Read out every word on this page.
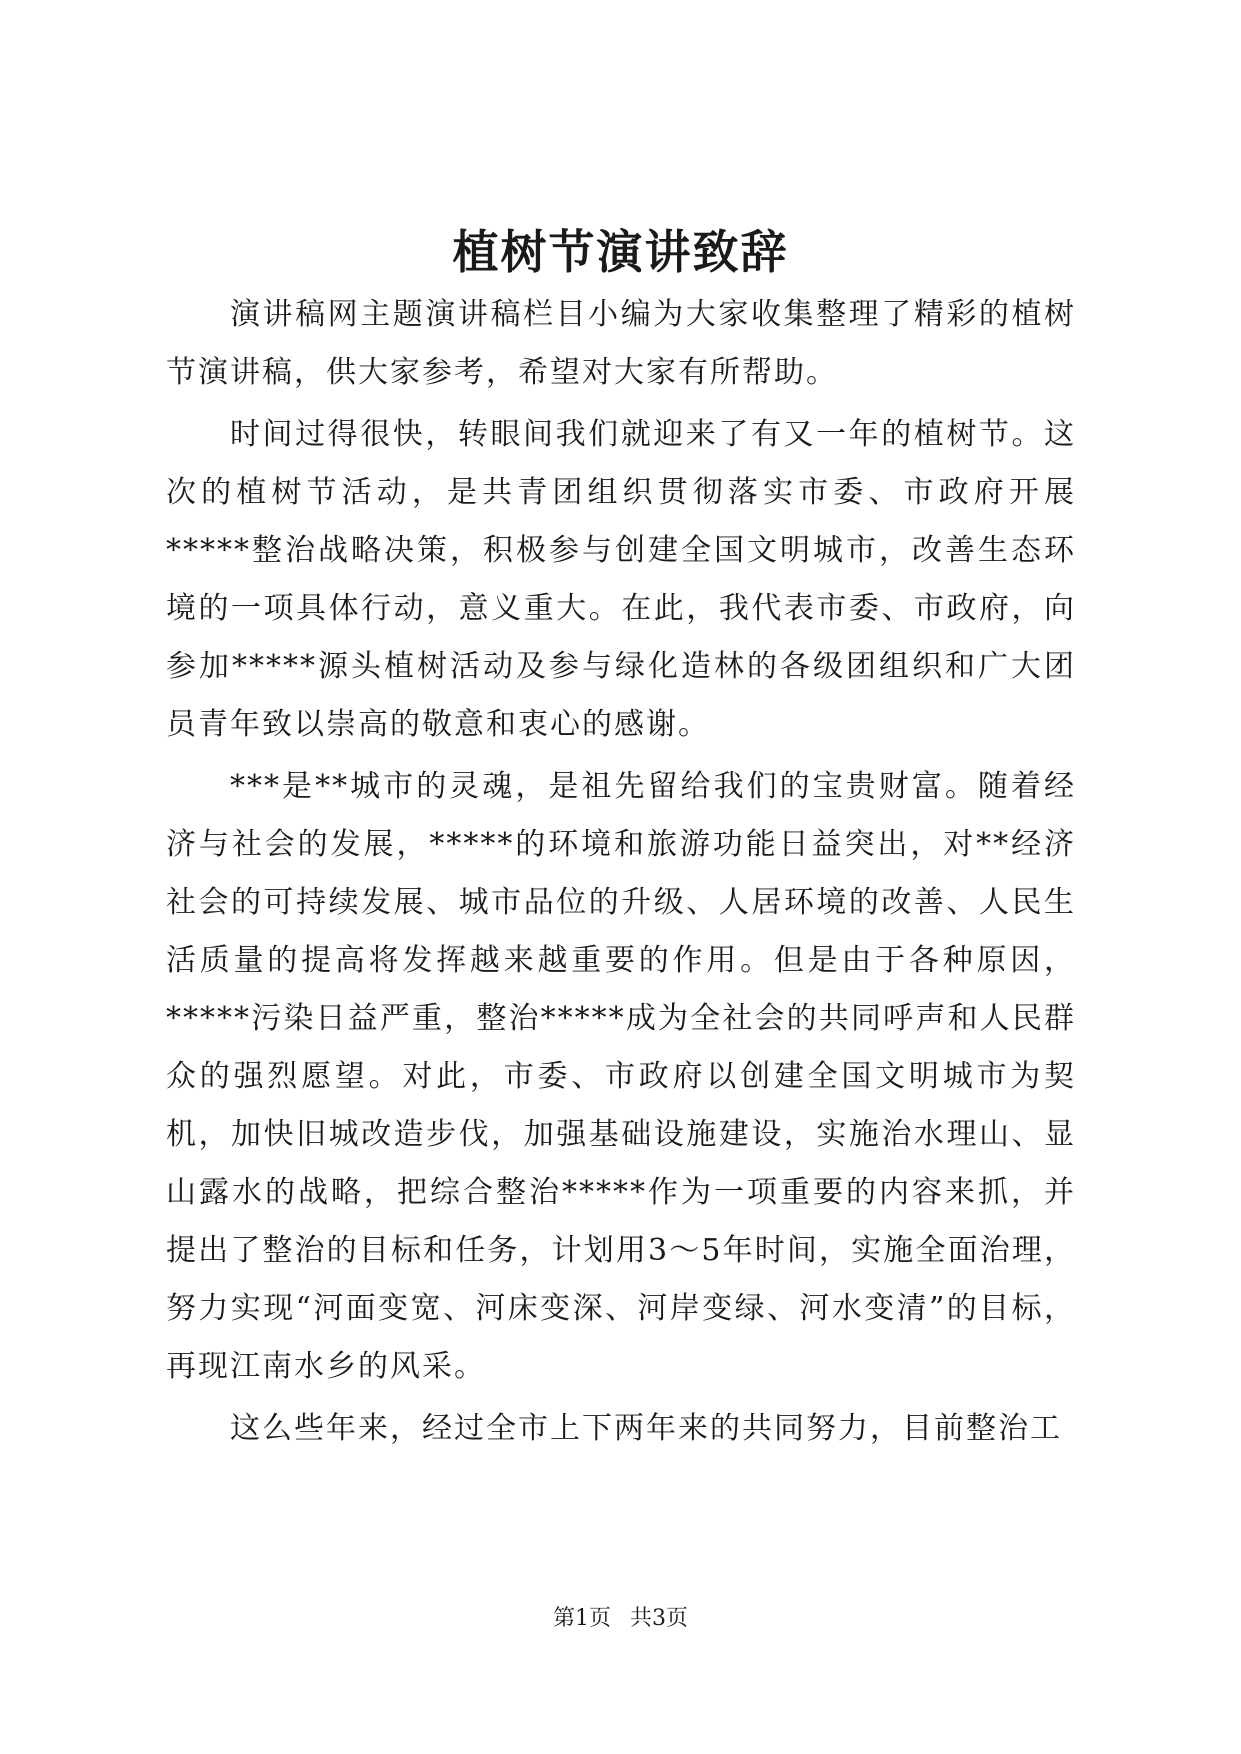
植树节演讲致辞

演讲稿网主题演讲稿栏目小编为大家收集整理了精彩的植树节演讲稿，供大家参考，希望对大家有所帮助。

时间过得很快，转眼间我们就迎来了有又一年的植树节。这次的植树节活动，是共青团组织贯彻落实市委、市政府开展*****整治战略决策，积极参与创建全国文明城市，改善生态环境的一项具体行动，意义重大。在此，我代表市委、市政府，向参加*****源头植树活动及参与绿化造林的各级团组织和广大团员青年致以崇高的敬意和衷心的感谢。

***是**城市的灵魂，是祖先留给我们的宝贵财富。随着经济与社会的发展，*****的环境和旅游功能日益突出，对**经济社会的可持续发展、城市品位的升级、人居环境的改善、人民生活质量的提高将发挥越来越重要的作用。但是由于各种原因，*****污染日益严重，整治*****成为全社会的共同呼声和人民群众的强烈愿望。对此，市委、市政府以创建全国文明城市为契机，加快旧城改造步伐，加强基础设施建设，实施治水理山、显山露水的战略，把综合整治*****作为一项重要的内容来抓，并提出了整治的目标和任务，计划用3～5年时间，实施全面治理，努力实现“河面变宽、河床变深、河岸变绿、河水变清”的目标，再现江南水乡的风采。

这么些年来，经过全市上下两年来的共同努力，目前整治工

第1页 共3页
